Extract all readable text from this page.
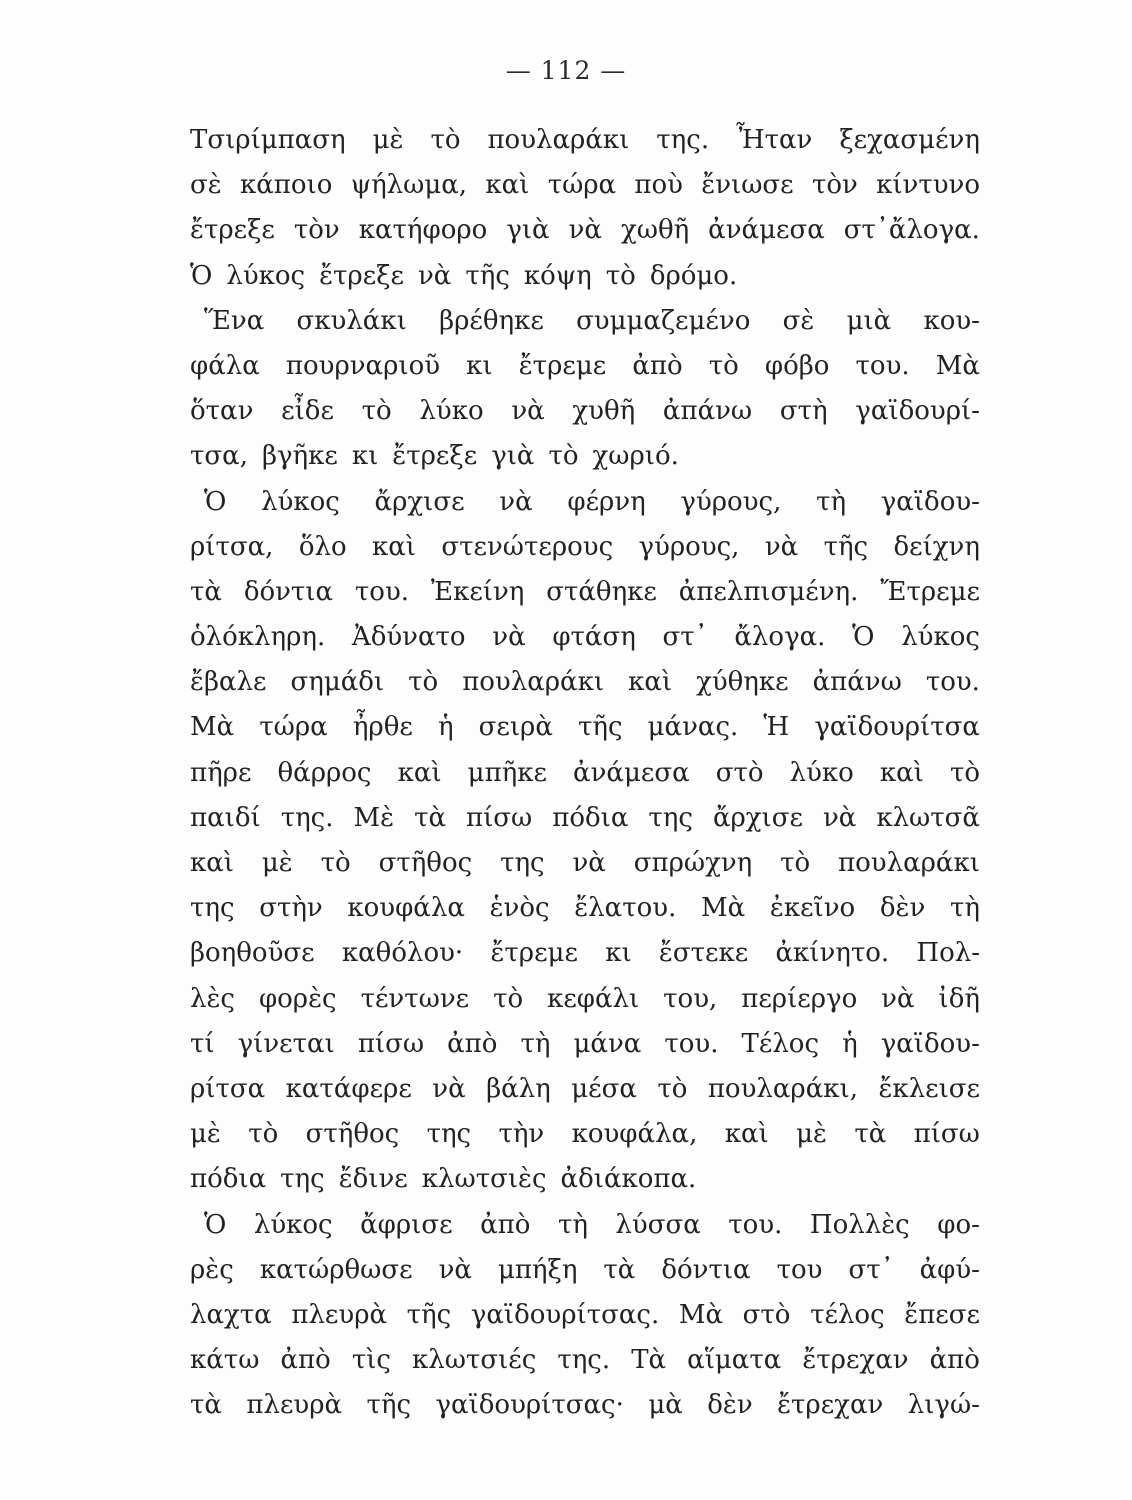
— 112 —
Τσιρίμπαση μὲ τὸ πουλαράκι της. Ἦταν ξεχασμένη
σὲ κάποιο ψήλωμα, καὶ τώρα ποὺ ἔνιωσε τὸν κίντυνο
ἔτρεξε τὸν κατήφορο γιὰ νὰ χωθῆ ἀνάμεσα στ᾿ἄλογα.
Ὁ λύκος ἔτρεξε νὰ τῆς κόψη τὸ δρόμο.
Ἕνα σκυλάκι βρέθηκε συμμαζεμένο σὲ μιὰ κου-
φάλα πουρναριοῦ κι ἔτρεμε ἀπὸ τὸ φόβο του. Μὰ
ὅταν εἶδε τὸ λύκο νὰ χυθῆ ἀπάνω στὴ γαϊδουρί-
τσα, βγῆκε κι ἔτρεξε γιὰ τὸ χωριό.
Ὁ λύκος ἄρχισε νὰ φέρνη γύρους, τὴ γαϊδου-
ρίτσα, ὅλο καὶ στενώτερους γύρους, νὰ τῆς δείχνη
τὰ δόντια του. Ἐκείνη στάθηκε ἀπελπισμένη. Ἔτρεμε
ὁλόκληρη. Ἀδύνατο νὰ φτάση στ᾿ ἄλογα. Ὁ λύκος
ἔβαλε σημάδι τὸ πουλαράκι καὶ χύθηκε ἀπάνω του.
Μὰ τώρα ἦρθε ἡ σειρὰ τῆς μάνας. Ἡ γαϊδουρίτσα
πῆρε θάρρος καὶ μπῆκε ἀνάμεσα στὸ λύκο καὶ τὸ
παιδί της. Μὲ τὰ πίσω πόδια της ἄρχισε νὰ κλωτσᾶ
καὶ μὲ τὸ στῆθος της νὰ σπρώχνη τὸ πουλαράκι
της στὴν κουφάλα ἑνὸς ἔλατου. Μὰ ἐκεῖνο δὲν τὴ
βοηθοῦσε καθόλου· ἔτρεμε κι ἔστεκε ἀκίνητο. Πολ-
λὲς φορὲς τέντωνε τὸ κεφάλι του, περίεργο νὰ ἰδῆ
τί γίνεται πίσω ἀπὸ τὴ μάνα του. Τέλος ἡ γαϊδου-
ρίτσα κατάφερε νὰ βάλη μέσα τὸ πουλαράκι, ἔκλεισε
μὲ τὸ στῆθος της τὴν κουφάλα, καὶ μὲ τὰ πίσω
πόδια της ἔδινε κλωτσιὲς ἀδιάκοπα.
Ὁ λύκος ἄφρισε ἀπὸ τὴ λύσσα του. Πολλὲς φο-
ρὲς κατώρθωσε νὰ μπήξη τὰ δόντια του στ᾿ ἀφύ-
λαχτα πλευρὰ τῆς γαϊδουρίτσας. Μὰ στὸ τέλος ἔπεσε
κάτω ἀπὸ τὶς κλωτσιές της. Τὰ αἵματα ἔτρεχαν ἀπὸ
τὰ πλευρὰ τῆς γαϊδουρίτσας· μὰ δὲν ἔτρεχαν λιγώ-
